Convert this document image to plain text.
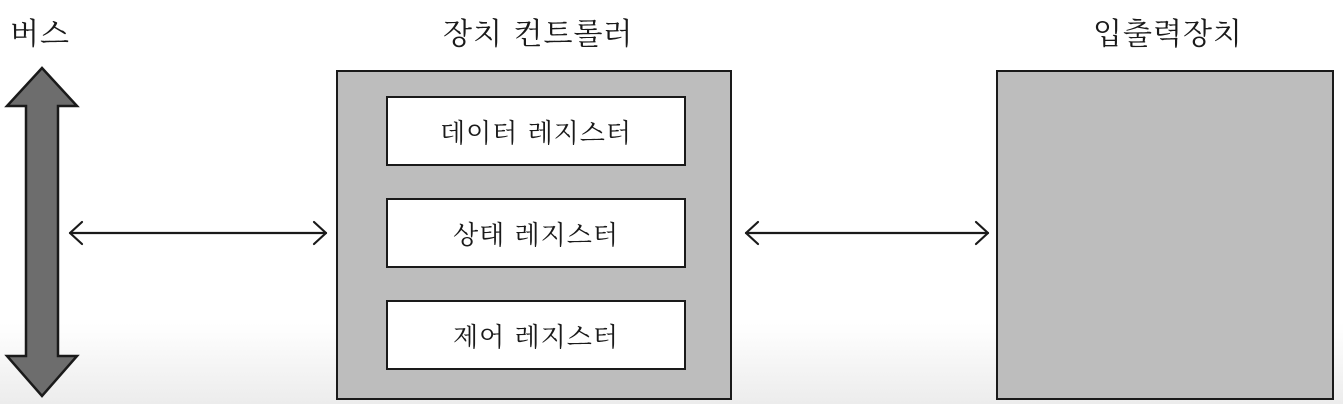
버스	장치 컨트롤러	입출력장치
데이터 레지스터
상태 레지스터
제어 레지스터
